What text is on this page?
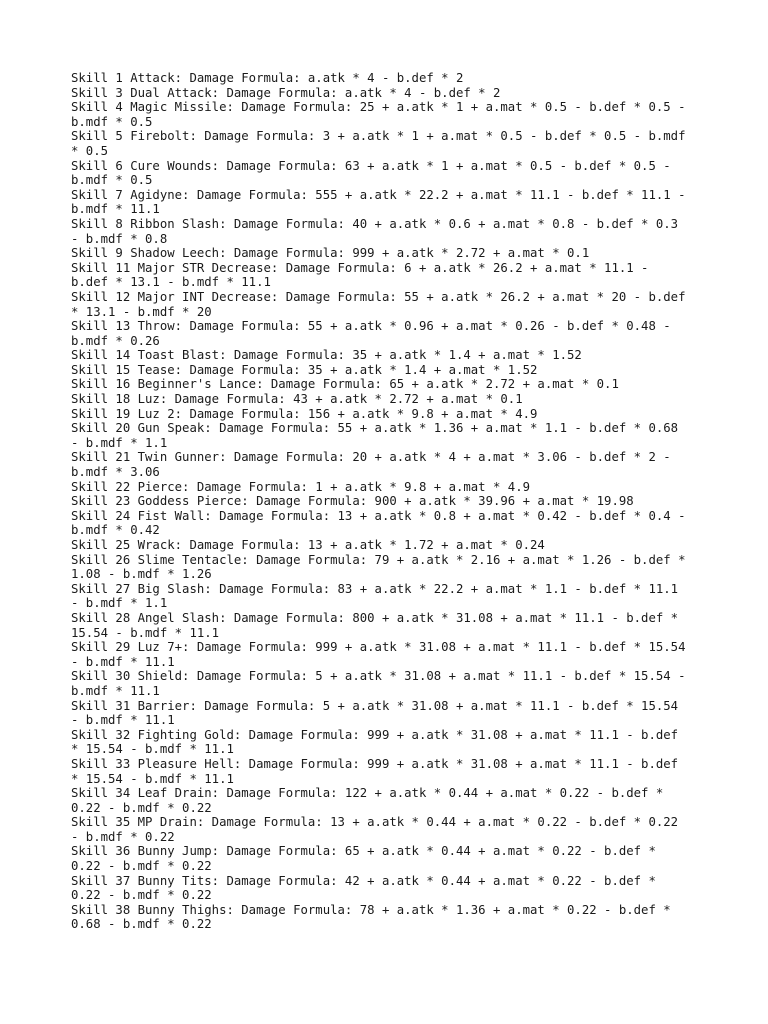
Skill 1 Attack: Damage Formula: a.atk * 4 - b.def * 2
Skill 3 Dual Attack: Damage Formula: a.atk * 4 - b.def * 2
Skill 4 Magic Missile: Damage Formula: 25 + a.atk * 1 + a.mat * 0.5 - b.def * 0.5 -
b.mdf * 0.5
Skill 5 Firebolt: Damage Formula: 3 + a.atk * 1 + a.mat * 0.5 - b.def * 0.5 - b.mdf
* 0.5
Skill 6 Cure Wounds: Damage Formula: 63 + a.atk * 1 + a.mat * 0.5 - b.def * 0.5 -
b.mdf * 0.5
Skill 7 Agidyne: Damage Formula: 555 + a.atk * 22.2 + a.mat * 11.1 - b.def * 11.1 -
b.mdf * 11.1
Skill 8 Ribbon Slash: Damage Formula: 40 + a.atk * 0.6 + a.mat * 0.8 - b.def * 0.3
- b.mdf * 0.8
Skill 9 Shadow Leech: Damage Formula: 999 + a.atk * 2.72 + a.mat * 0.1
Skill 11 Major STR Decrease: Damage Formula: 6 + a.atk * 26.2 + a.mat * 11.1 -
b.def * 13.1 - b.mdf * 11.1
Skill 12 Major INT Decrease: Damage Formula: 55 + a.atk * 26.2 + a.mat * 20 - b.def
* 13.1 - b.mdf * 20
Skill 13 Throw: Damage Formula: 55 + a.atk * 0.96 + a.mat * 0.26 - b.def * 0.48 -
b.mdf * 0.26
Skill 14 Toast Blast: Damage Formula: 35 + a.atk * 1.4 + a.mat * 1.52
Skill 15 Tease: Damage Formula: 35 + a.atk * 1.4 + a.mat * 1.52
Skill 16 Beginner's Lance: Damage Formula: 65 + a.atk * 2.72 + a.mat * 0.1
Skill 18 Luz: Damage Formula: 43 + a.atk * 2.72 + a.mat * 0.1
Skill 19 Luz 2: Damage Formula: 156 + a.atk * 9.8 + a.mat * 4.9
Skill 20 Gun Speak: Damage Formula: 55 + a.atk * 1.36 + a.mat * 1.1 - b.def * 0.68
- b.mdf * 1.1
Skill 21 Twin Gunner: Damage Formula: 20 + a.atk * 4 + a.mat * 3.06 - b.def * 2 -
b.mdf * 3.06
Skill 22 Pierce: Damage Formula: 1 + a.atk * 9.8 + a.mat * 4.9
Skill 23 Goddess Pierce: Damage Formula: 900 + a.atk * 39.96 + a.mat * 19.98
Skill 24 Fist Wall: Damage Formula: 13 + a.atk * 0.8 + a.mat * 0.42 - b.def * 0.4 -
b.mdf * 0.42
Skill 25 Wrack: Damage Formula: 13 + a.atk * 1.72 + a.mat * 0.24
Skill 26 Slime Tentacle: Damage Formula: 79 + a.atk * 2.16 + a.mat * 1.26 - b.def *
1.08 - b.mdf * 1.26
Skill 27 Big Slash: Damage Formula: 83 + a.atk * 22.2 + a.mat * 1.1 - b.def * 11.1
- b.mdf * 1.1
Skill 28 Angel Slash: Damage Formula: 800 + a.atk * 31.08 + a.mat * 11.1 - b.def *
15.54 - b.mdf * 11.1
Skill 29 Luz 7+: Damage Formula: 999 + a.atk * 31.08 + a.mat * 11.1 - b.def * 15.54
- b.mdf * 11.1
Skill 30 Shield: Damage Formula: 5 + a.atk * 31.08 + a.mat * 11.1 - b.def * 15.54 -
b.mdf * 11.1
Skill 31 Barrier: Damage Formula: 5 + a.atk * 31.08 + a.mat * 11.1 - b.def * 15.54
- b.mdf * 11.1
Skill 32 Fighting Gold: Damage Formula: 999 + a.atk * 31.08 + a.mat * 11.1 - b.def
* 15.54 - b.mdf * 11.1
Skill 33 Pleasure Hell: Damage Formula: 999 + a.atk * 31.08 + a.mat * 11.1 - b.def
* 15.54 - b.mdf * 11.1
Skill 34 Leaf Drain: Damage Formula: 122 + a.atk * 0.44 + a.mat * 0.22 - b.def *
0.22 - b.mdf * 0.22
Skill 35 MP Drain: Damage Formula: 13 + a.atk * 0.44 + a.mat * 0.22 - b.def * 0.22
- b.mdf * 0.22
Skill 36 Bunny Jump: Damage Formula: 65 + a.atk * 0.44 + a.mat * 0.22 - b.def *
0.22 - b.mdf * 0.22
Skill 37 Bunny Tits: Damage Formula: 42 + a.atk * 0.44 + a.mat * 0.22 - b.def *
0.22 - b.mdf * 0.22
Skill 38 Bunny Thighs: Damage Formula: 78 + a.atk * 1.36 + a.mat * 0.22 - b.def *
0.68 - b.mdf * 0.22
